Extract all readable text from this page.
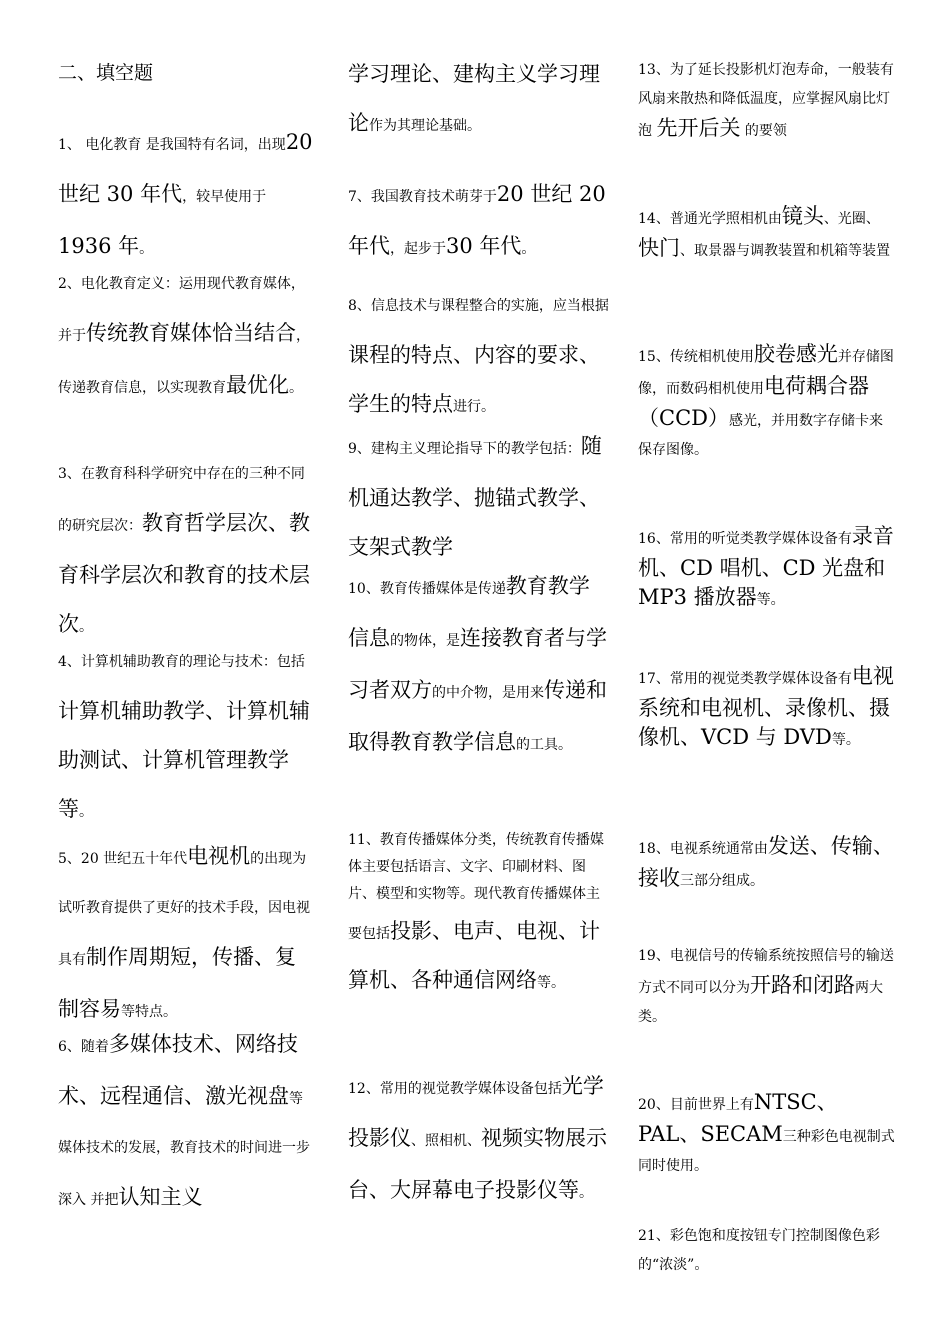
二、填空题

1、 电化教育 是我国特有名词，出现20 世纪 30 年代，较早使用于1936 年。

2、电化教育定义：运用现代教育媒体，并于传统教育媒体恰当结合，传递教育信息，以实现教育最优化。

3、在教育科科学研究中存在的三种不同的研究层次：教育哲学层次、教育科学层次和教育的技术层次。

4、计算机辅助教育的理论与技术：包括计算机辅助教学、计算机辅助测试、计算机管理教学等。

5、20 世纪五十年代电视机的出现为试听教育提供了更好的技术手段，因电视具有制作周期短，传播、复制容易等特点。

6、随着多媒体技术、网络技术、远程通信、激光视盘等媒体技术的发展，教育技术的时间进一步深入 并把认知主义

学习理论、建构主义学习理论作为其理论基础。

7、我国教育技术萌芽于20 世纪 20 年代，起步于30 年代。

8、信息技术与课程整合的实施，应当根据课程的特点、内容的要求、学生的特点进行。

9、建构主义理论指导下的教学包括：随机通达教学、抛锚式教学、支架式教学

10、教育传播媒体是传递教育教学信息的物体，是连接教育者与学习者双方的中介物，是用来传递和取得教育教学信息的工具。

11、教育传播媒体分类，传统教育传播媒体主要包括语言、文字、印刷材料、图片、模型和实物等。现代教育传播媒体主要包括投影、电声、电视、计算机、各种通信网络等。

12、常用的视觉教学媒体设备包括光学投影仪、照相机、视频实物展示台、大屏幕电子投影仪等。

13、为了延长投影机灯泡寿命，一般装有风扇来散热和降低温度，应掌握风扇比灯泡 先开后关 的要领

14、普通光学照相机由镜头、光圈、快门、取景器与调教装置和机箱等装置

15、传统相机使用胶卷感光并存储图像，而数码相机使用电荷耦合器（CCD）感光，并用数字存储卡来保存图像。

16、常用的听觉类教学媒体设备有录音机、CD 唱机、CD 光盘和 MP3 播放器等。

17、常用的视觉类教学媒体设备有电视系统和电视机、录像机、摄像机、VCD 与 DVD等。

18、电视系统通常由发送、传输、接收三部分组成。

19、电视信号的传输系统按照信号的输送方式不同可以分为开路和闭路两大类。

20、目前世界上有NTSC、PAL、SECAM三种彩色电视制式同时使用。

21、彩色饱和度按钮专门控制图像色彩的“浓淡”。
